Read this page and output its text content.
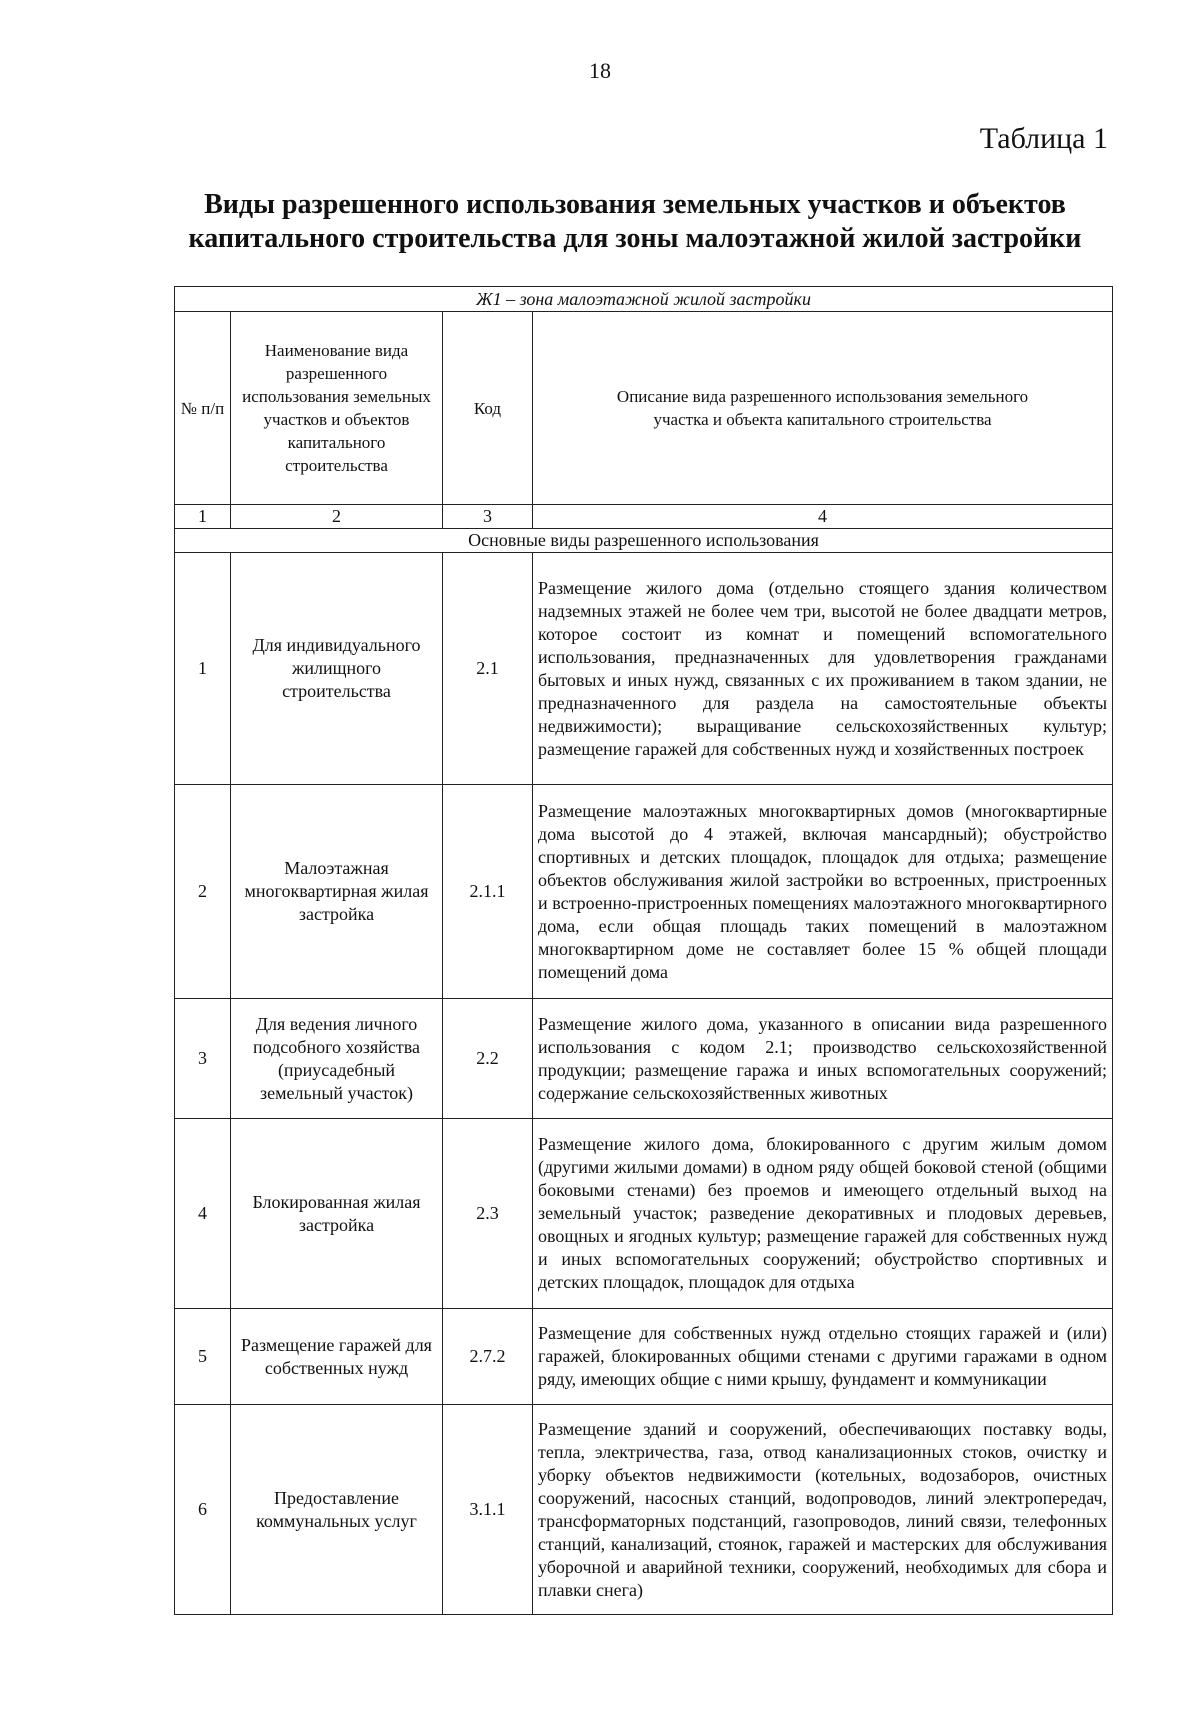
18
Таблица 1
Виды разрешенного использования земельных участков и объектов капитального строительства для зоны малоэтажной жилой застройки
Ж1 – зона малоэтажной жилой застройки			
№ п/п	Наименование вида разрешенного использования земельных участков и объектов капитального строительства	Код	Описание вида разрешенного использования земельного участка и объекта капитального строительства
1	2	3	4
Основные виды разрешенного использования			
1	Для индивидуального жилищного строительства	2.1	Размещение жилого дома (отдельно стоящего здания количеством надземных этажей не более чем три, высотой не более двадцати метров, которое состоит из комнат и помещений вспомогательного использования, предназначенных для удовлетворения гражданами бытовых и иных нужд, связанных с их проживанием в таком здании, не предназначенного для раздела на самостоятельные объекты недвижимости); выращивание сельскохозяйственных культур; размещение гаражей для собственных нужд и хозяйственных построек
2	Малоэтажная многоквартирная жилая застройка	2.1.1	Размещение малоэтажных многоквартирных домов (многоквартирные дома высотой до 4 этажей, включая мансардный); обустройство спортивных и детских площадок, площадок для отдыха; размещение объектов обслуживания жилой застройки во встроенных, пристроенных и встроенно-пристроенных помещениях малоэтажного многоквартирного дома, если общая площадь таких помещений в малоэтажном многоквартирном доме не составляет более 15 % общей площади помещений дома
3	Для ведения личного подсобного хозяйства (приусадебный земельный участок)	2.2	Размещение жилого дома, указанного в описании вида разрешенного использования с кодом 2.1; производство сельскохозяйственной продукции; размещение гаража и иных вспомогательных сооружений; содержание сельскохозяйственных животных
4	Блокированная жилая застройка	2.3	Размещение жилого дома, блокированного с другим жилым домом (другими жилыми домами) в одном ряду общей боковой стеной (общими боковыми стенами) без проемов и имеющего отдельный выход на земельный участок; разведение декоративных и плодовых деревьев, овощных и ягодных культур; размещение гаражей для собственных нужд и иных вспомогательных сооружений; обустройство спортивных и детских площадок, площадок для отдыха
5	Размещение гаражей для собственных нужд	2.7.2	Размещение для собственных нужд отдельно стоящих гаражей и (или) гаражей, блокированных общими стенами с другими гаражами в одном ряду, имеющих общие с ними крышу, фундамент и коммуникации
6	Предоставление коммунальных услуг	3.1.1	Размещение зданий и сооружений, обеспечивающих поставку воды, тепла, электричества, газа, отвод канализационных стоков, очистку и уборку объектов недвижимости (котельных, водозаборов, очистных сооружений, насосных станций, водопроводов, линий электропередач, трансформаторных подстанций, газопроводов, линий связи, телефонных станций, канализаций, стоянок, гаражей и мастерских для обслуживания уборочной и аварийной техники, сооружений, необходимых для сбора и плавки снега)
